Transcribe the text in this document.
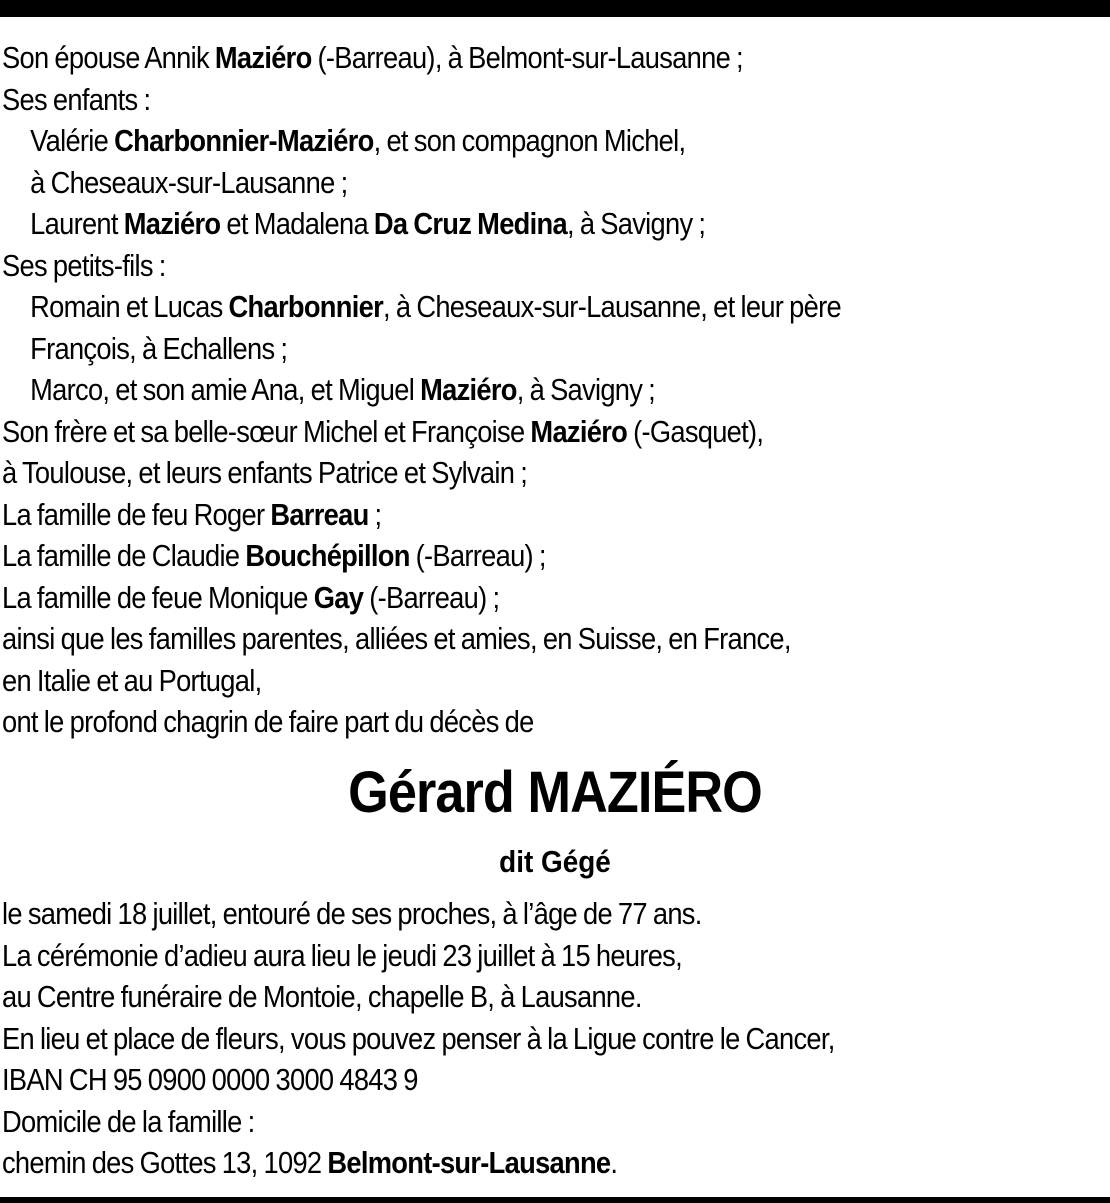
Son épouse Annik Maziéro (-Barreau), à Belmont-sur-Lausanne ;
Ses enfants :
Valérie Charbonnier-Maziéro, et son compagnon Michel,
à Cheseaux-sur-Lausanne ;
Laurent Maziéro et Madalena Da Cruz Medina, à Savigny ;
Ses petits-fils :
Romain et Lucas Charbonnier, à Cheseaux-sur-Lausanne, et leur père
François, à Echallens ;
Marco, et son amie Ana, et Miguel Maziéro, à Savigny ;
Son frère et sa belle-sœur Michel et Françoise Maziéro (-Gasquet),
à Toulouse, et leurs enfants Patrice et Sylvain ;
La famille de feu Roger Barreau ;
La famille de Claudie Bouchépillon (-Barreau) ;
La famille de feue Monique Gay (-Barreau) ;
ainsi que les familles parentes, alliées et amies, en Suisse, en France,
en Italie et au Portugal,
ont le profond chagrin de faire part du décès de
Gérard MAZIÉRO
dit Gégé
le samedi 18 juillet, entouré de ses proches, à l’âge de 77 ans.
La cérémonie d’adieu aura lieu le jeudi 23 juillet à 15 heures,
au Centre funéraire de Montoie, chapelle B, à Lausanne.
En lieu et place de fleurs, vous pouvez penser à la Ligue contre le Cancer,
IBAN CH 95 0900 0000 3000 4843 9
Domicile de la famille :
chemin des Gottes 13, 1092 Belmont-sur-Lausanne.
